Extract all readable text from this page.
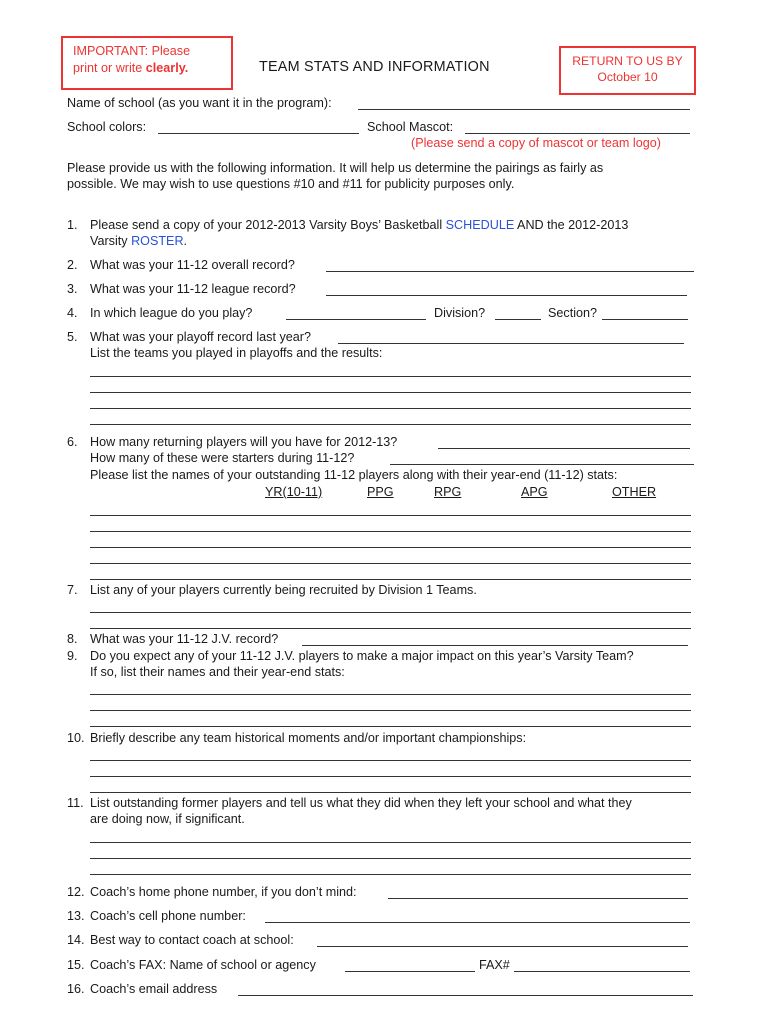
IMPORTANT: Please
print or write clearly.	TEAM STATS AND INFORMATION	RETURN TO US BY
October 10
Name of school (as you want it in the program):
School colors:	School Mascot:
(Please send a copy of mascot or team logo)
Please provide us with the following information. It will help us determine the pairings as fairly as
possible. We may wish to use questions #10 and #11 for publicity purposes only.
1. Please send a copy of your 2012-2013 Varsity Boys’ Basketball SCHEDULE AND the 2012-2013
Varsity ROSTER.
2. What was your 11-12 overall record?
3. What was your 11-12 league record?
4. In which league do you play?	Division?	Section?
5. What was your playoff record last year?
List the teams you played in playoffs and the results:
6. How many returning players will you have for 2012-13?
How many of these were starters during 11-12?
Please list the names of your outstanding 11-12 players along with their year-end (11-12) stats:
YR(10-11)	PPG	RPG	APG	OTHER
7. List any of your players currently being recruited by Division 1 Teams.
8. What was your 11-12 J.V. record?
9. Do you expect any of your 11-12 J.V. players to make a major impact on this year’s Varsity Team?
If so, list their names and their year-end stats:
10. Briefly describe any team historical moments and/or important championships:
11. List outstanding former players and tell us what they did when they left your school and what they
are doing now, if significant.
12. Coach’s home phone number, if you don’t mind:
13. Coach’s cell phone number:
14. Best way to contact coach at school:
15. Coach’s FAX: Name of school or agency	FAX#
16. Coach’s email address
